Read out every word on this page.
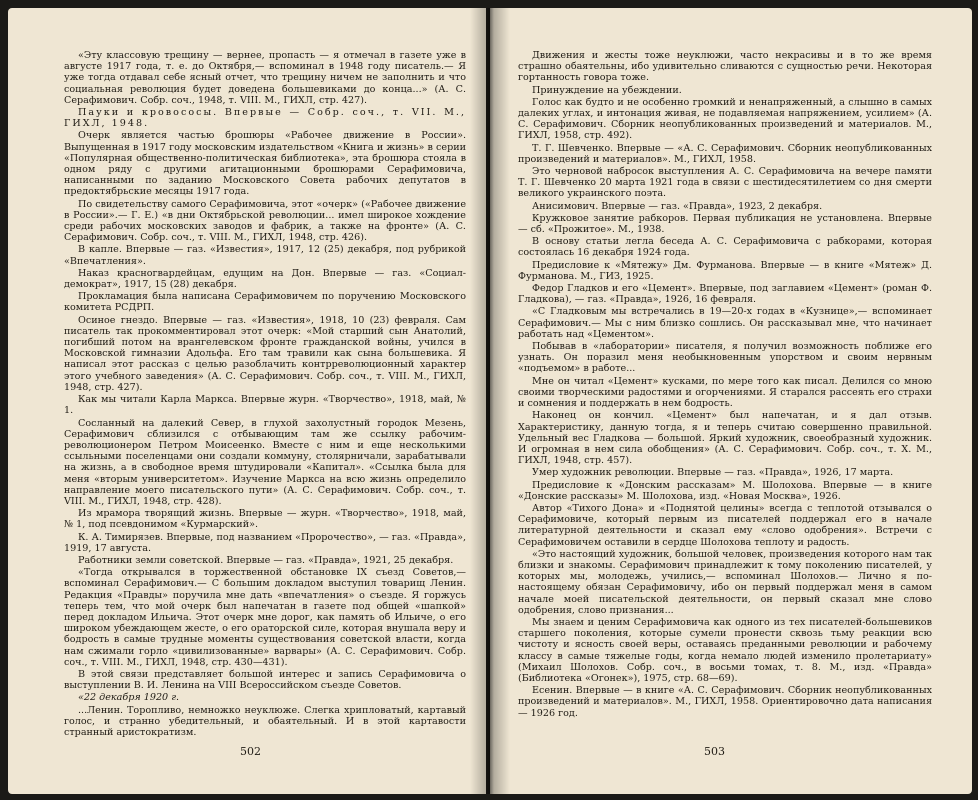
«Эту классовую трещину — вернее, пропасть — я отмечал в газете уже в августе 1917 года, т. е. до Октября,— вспоминал в 1948 году писатель.— Я уже тогда отдавал себе ясный отчет, что трещину ничем не заполнить и что социальная революция будет доведена большевиками до конца...» (А. С. Серафимович. Собр. соч., 1948, т. VIII. М., ГИХЛ, стр. 427).

Пауки и кровососы. Впервые — Собр. соч., т. VII. М., ГИХЛ, 1948.

Очерк является частью брошюры «Рабочее движение в России». Выпущенная в 1917 году московским издательством «Книга и жизнь» в серии «Популярная общественно-политическая библиотека», эта брошюра стояла в одном ряду с другими агитационными брошюрами Серафимовича, написанными по заданию Московского Совета рабочих депутатов в предоктябрьские месяцы 1917 года.

По свидетельству самого Серафимовича, этот «очерк» («Рабочее движение в России».— Г. Е.) «в дни Октябрьской революции... имел широкое хождение среди рабочих московских заводов и фабрик, а также на фронте» (А. С. Серафимович. Собр. соч., т. VIII. М., ГИХЛ, 1948, стр. 426).

В капле. Впервые — газ. «Известия», 1917, 12 (25) декабря, под рубрикой «Впечатления».

Наказ красногвардейцам, едущим на Дон. Впервые — газ. «Социал-демократ», 1917, 15 (28) декабря.

Прокламация была написана Серафимовичем по поручению Московского комитета РСДРП.

Осиное гнездо. Впервые — газ. «Известия», 1918, 10 (23) февраля. Сам писатель так прокомментировал этот очерк: «Мой старший сын Анатолий, погибший потом на врангелевском фронте гражданской войны, учился в Московской гимназии Адольфа. Его там травили как сына большевика. Я написал этот рассказ с целью разоблачить контрреволюционный характер этого учебного заведения» (А. С. Серафимович. Собр. соч., т. VIII. М., ГИХЛ, 1948, стр. 427).

Как мы читали Карла Маркса. Впервые журн. «Творчество», 1918, май, № 1.

Сосланный на далекий Север, в глухой захолустный городок Мезень, Серафимович сблизился с отбывающим там же ссылку рабочим-революционером Петром Моисеенко. Вместе с ним и еще несколькими ссыльными поселенцами они создали коммуну, столярничали, зарабатывали на жизнь, а в свободное время штудировали «Капитал». «Ссылка была для меня «вторым университетом». Изучение Маркса на всю жизнь определило направление моего писательского пути» (А. С. Серафимович. Собр. соч., т. VIII. М., ГИХЛ, 1948, стр. 428).

Из мрамора творящий жизнь. Впервые — журн. «Творчество», 1918, май, № 1, под псевдонимом «Курмарский».

К. А. Тимирязев. Впервые, под названием «Пророчество», — газ. «Правда», 1919, 17 августа.

Работники земли советской. Впервые — газ. «Правда», 1921, 25 декабря.

«Тогда открывался в торжественной обстановке IX съезд Советов,— вспоминал Серафимович.— С большим докладом выступил товарищ Ленин. Редакция «Правды» поручила мне дать «впечатления» о съезде. Я горжусь теперь тем, что мой очерк был напечатан в газете под общей «шапкой» перед докладом Ильича. Этот очерк мне дорог, как память об Ильиче, о его широком убеждающем жесте, о его ораторской силе, которая внушала веру и бодрость в самые трудные моменты существования советской власти, когда нам сжимали горло «цивилизованные» варвары» (А. С. Серафимович. Собр. соч., т. VIII. М., ГИХЛ, 1948, стр. 430—431).

В этой связи представляет большой интерес и запись Серафимовича о выступлении В. И. Ленина на VIII Всероссийском съезде Советов.

«22 декабря 1920 г.

...Ленин. Торопливо, немножко неуклюже. Слегка хрипловатый, картавый голос, и странно убедительный, и обаятельный. И в этой картавости странный аристократизм.

502

Движения и жесты тоже неуклюжи, часто некрасивы и в то же время страшно обаятельны, ибо удивительно сливаются с сущностью речи. Некоторая гортанность говора тоже.

Принуждение на убеждении.

Голос как будто и не особенно громкий и ненапряженный, а слышно в самых далеких углах, и интонация живая, не подавляемая напряжением, усилием» (А. С. Серафимович. Сборник неопубликованных произведений и материалов. М., ГИХЛ, 1958, стр. 492).

Т. Г. Шевченко. Впервые — «А. С. Серафимович. Сборник неопубликованных произведений и материалов». М., ГИХЛ, 1958.

Это черновой набросок выступления А. С. Серафимовича на вечере памяти Т. Г. Шевченко 20 марта 1921 года в связи с шестидесятилетием со дня смерти великого украинского поэта.

Анисимович. Впервые — газ. «Правда», 1923, 2 декабря.

Кружковое занятие рабкоров. Первая публикация не установлена. Впервые — сб. «Прожитое». М., 1938.

В основу статьи легла беседа А. С. Серафимовича с рабкорами, которая состоялась 16 декабря 1924 года.

Предисловие к «Мятежу» Дм. Фурманова. Впервые — в книге «Мятеж» Д. Фурманова. М., ГИЗ, 1925.

Федор Гладков и его «Цемент». Впервые, под заглавием «Цемент» (роман Ф. Гладкова), — газ. «Правда», 1926, 16 февраля.

«С Гладковым мы встречались в 19—20-х годах в «Кузнице»,— вспоминает Серафимович.— Мы с ним близко сошлись. Он рассказывал мне, что начинает работать над «Цементом».

Побывав в «лаборатории» писателя, я получил возможность поближе его узнать. Он поразил меня необыкновенным упорством и своим нервным «подъемом» в работе...

Мне он читал «Цемент» кусками, по мере того как писал. Делился со мною своими творческими радостями и огорчениями. Я старался рассеять его страхи и сомнения и поддержать в нем бодрость.

Наконец он кончил. «Цемент» был напечатан, и я дал отзыв. Характеристику, данную тогда, я и теперь считаю совершенно правильной. Удельный вес Гладкова — большой. Яркий художник, своеобразный художник. И огромная в нем сила обобщения» (А. С. Серафимович. Собр. соч., т. Х. М., ГИХЛ, 1948, стр. 457).

Умер художник революции. Впервые — газ. «Правда», 1926, 17 марта.

Предисловие к «Донским рассказам» М. Шолохова. Впервые — в книге «Донские рассказы» М. Шолохова, изд. «Новая Москва», 1926.

Автор «Тихого Дона» и «Поднятой целины» всегда с теплотой отзывался о Серафимовиче, который первым из писателей поддержал его в начале литературной деятельности и сказал ему «слово одобрения». Встречи с Серафимовичем оставили в сердце Шолохова теплоту и радость.

«Это настоящий художник, большой человек, произведения которого нам так близки и знакомы. Серафимович принадлежит к тому поколению писателей, у которых мы, молодежь, учились,— вспоминал Шолохов.— Лично я по-настоящему обязан Серафимовичу, ибо он первый поддержал меня в самом начале моей писательской деятельности, он первый сказал мне слово одобрения, слово признания...

Мы знаем и ценим Серафимовича как одного из тех писателей-большевиков старшего поколения, которые сумели пронести сквозь тьму реакции всю чистоту и ясность своей веры, оставаясь преданными революции и рабочему классу в самые тяжелые годы, когда немало людей изменило пролетариату» (Михаил Шолохов. Собр. соч., в восьми томах, т. 8. М., изд. «Правда» (Библиотека «Огонек»), 1975, стр. 68—69).

Есенин. Впервые — в книге «А. С. Серафимович. Сборник неопубликованных произведений и материалов». М., ГИХЛ, 1958. Ориентировочно дата написания — 1926 год.

503
